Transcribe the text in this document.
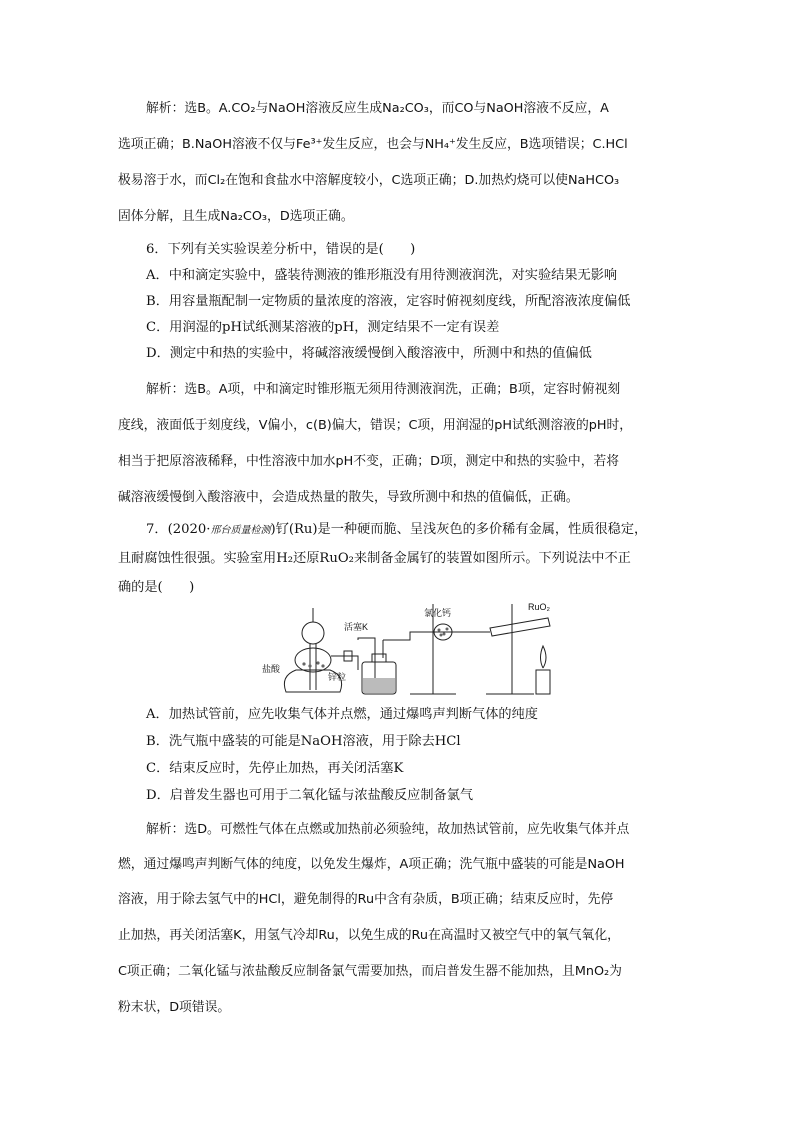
解析：选B。A.CO₂与NaOH溶液反应生成Na₂CO₃，而CO与NaOH溶液不反应，A
选项正确；B.NaOH溶液不仅与Fe³⁺发生反应，也会与NH₄⁺发生反应，B选项错误；C.HCl
极易溶于水，而Cl₂在饱和食盐水中溶解度较小，C选项正确；D.加热灼烧可以使NaHCO₃
固体分解，且生成Na₂CO₃，D选项正确。
6．下列有关实验误差分析中，错误的是(　　)
A．中和滴定实验中，盛装待测液的锥形瓶没有用待测液润洗，对实验结果无影响
B．用容量瓶配制一定物质的量浓度的溶液，定容时俯视刻度线，所配溶液浓度偏低
C．用润湿的pH试纸测某溶液的pH，测定结果不一定有误差
D．测定中和热的实验中，将碱溶液缓慢倒入酸溶液中，所测中和热的值偏低
解析：选B。A项，中和滴定时锥形瓶无须用待测液润洗，正确；B项，定容时俯视刻
度线，液面低于刻度线，V偏小，c(B)偏大，错误；C项，用润湿的pH试纸测溶液的pH时，
相当于把原溶液稀释，中性溶液中加水pH不变，正确；D项，测定中和热的实验中，若将
碱溶液缓慢倒入酸溶液中，会造成热量的散失，导致所测中和热的值偏低，正确。
7．(2020·邢台质量检测)钌(Ru)是一种硬而脆、呈浅灰色的多价稀有金属，性质很稳定，
且耐腐蚀性很强。实验室用H₂还原RuO₂来制备金属钌的装置如图所示。下列说法中不正
确的是(　　)
活塞K
氯化钙
RuO₂
盐酸
锌粒
A．加热试管前，应先收集气体并点燃，通过爆鸣声判断气体的纯度
B．洗气瓶中盛装的可能是NaOH溶液，用于除去HCl
C．结束反应时，先停止加热，再关闭活塞K
D．启普发生器也可用于二氧化锰与浓盐酸反应制备氯气
解析：选D。可燃性气体在点燃或加热前必须验纯，故加热试管前，应先收集气体并点
燃，通过爆鸣声判断气体的纯度，以免发生爆炸，A项正确；洗气瓶中盛装的可能是NaOH
溶液，用于除去氢气中的HCl，避免制得的Ru中含有杂质，B项正确；结束反应时，先停
止加热，再关闭活塞K，用氢气冷却Ru，以免生成的Ru在高温时又被空气中的氧气氧化，
C项正确；二氧化锰与浓盐酸反应制备氯气需要加热，而启普发生器不能加热，且MnO₂为
粉末状，D项错误。
